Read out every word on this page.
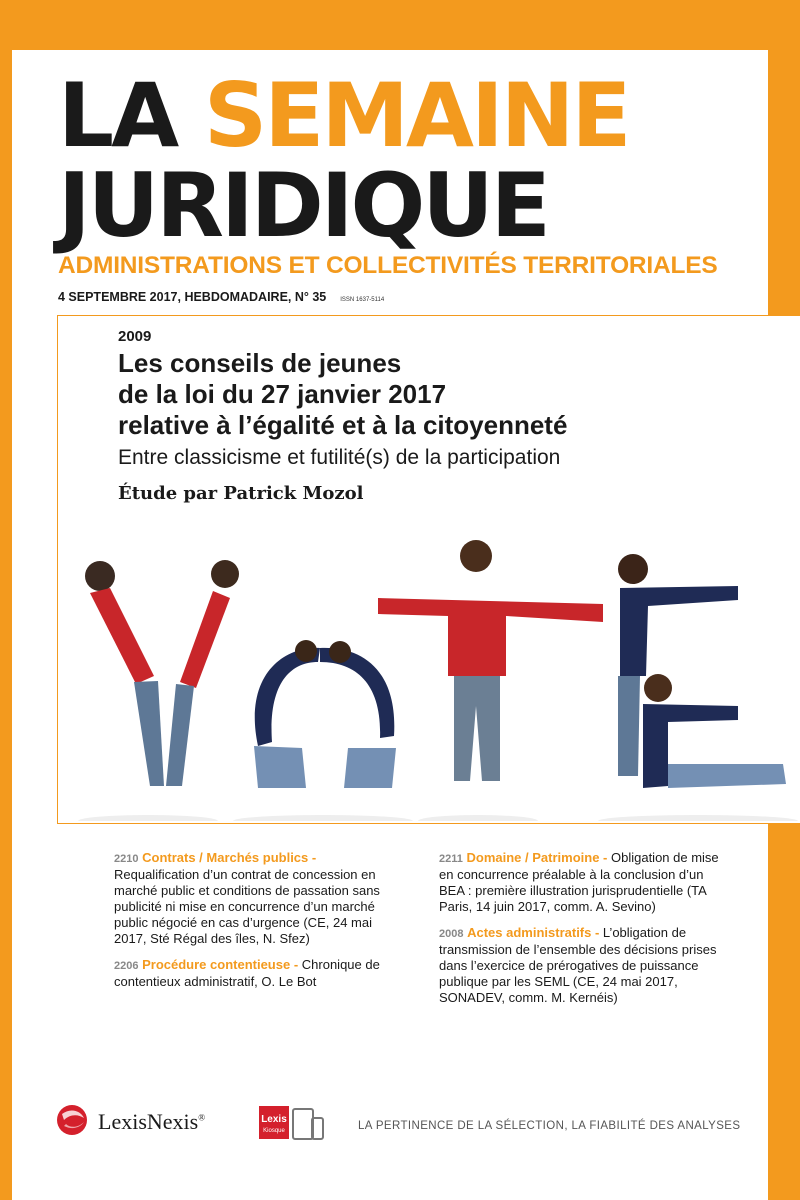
LA SEMAINE
JURIDIQUE
ADMINISTRATIONS ET COLLECTIVITÉS TERRITORIALES
4 SEPTEMBRE 2017, HEBDOMADAIRE, N° 35 ISSN 1637-5114
2009
Les conseils de jeunes
de la loi du 27 janvier 2017
relative à l’égalité et à la citoyenneté
Entre classicisme et futilité(s) de la participation
Étude par Patrick Mozol
2210 Contrats / Marchés publics - Requalification d’un contrat de concession en marché public et conditions de passation sans publicité ni mise en concurrence d’un marché public négocié en cas d’urgence (CE, 24 mai 2017, Sté Régal des îles, N. Sfez)
2206 Procédure contentieuse - Chronique de contentieux administratif, O. Le Bot
2211 Domaine / Patrimoine - Obligation de mise en concurrence préalable à la conclusion d’un BEA : première illustration jurisprudentielle (TA Paris, 14 juin 2017, comm. A. Sevino)
2008 Actes administratifs - L’obligation de transmission de l’ensemble des décisions prises dans l’exercice de prérogatives de puissance publique par les SEML (CE, 24 mai 2017, SONADEV, comm. M. Kernéis)
LexisNexis®	Lexis
Kiosque	LA PERTINENCE DE LA SÉLECTION, LA FIABILITÉ DES ANALYSES
